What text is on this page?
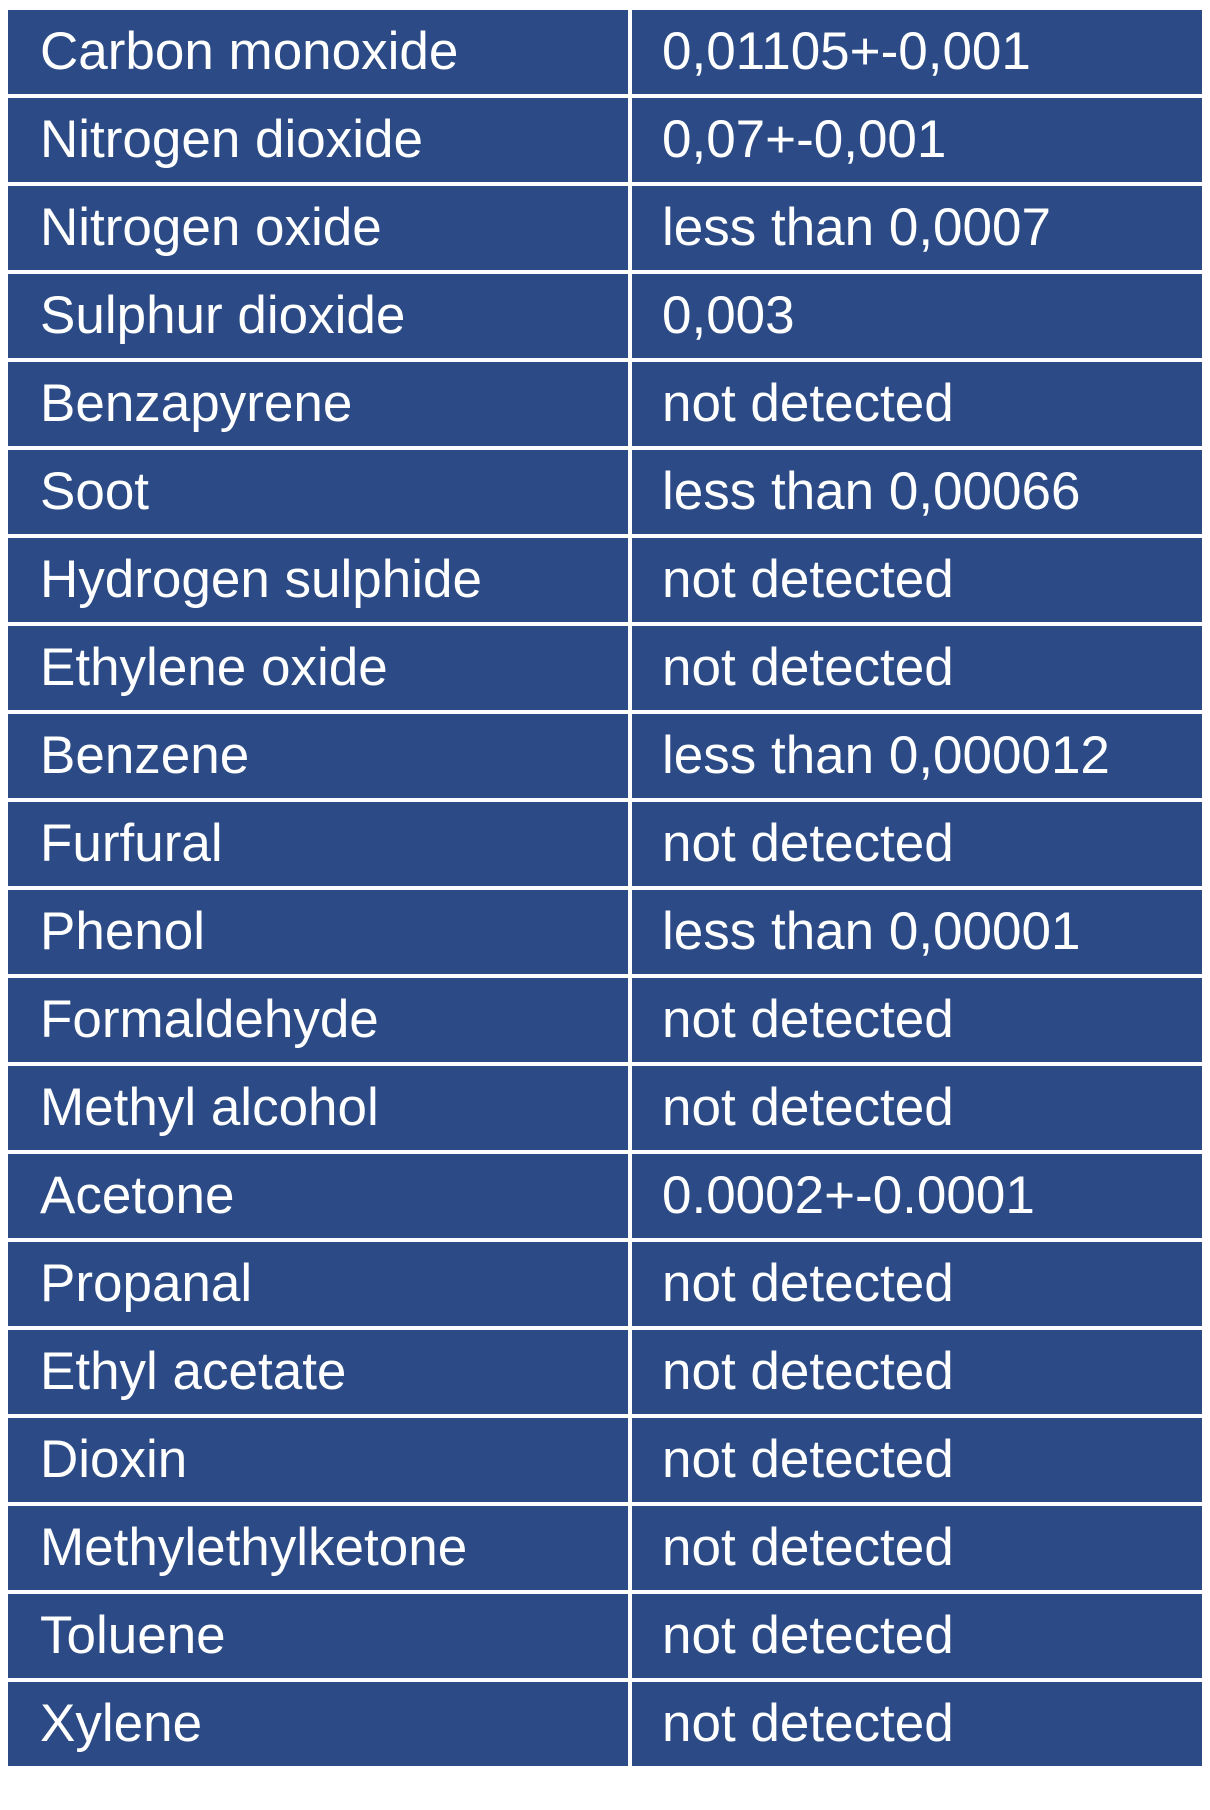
Carbon monoxide	0,01105+-0,001
Nitrogen dioxide	0,07+-0,001
Nitrogen oxide	less than 0,0007
Sulphur dioxide	0,003
Benzapyrene	not detected
Soot	less than 0,00066
Hydrogen sulphide	not detected
Ethylene oxide	not detected
Benzene	less than 0,000012
Furfural	not detected
Phenol	less than 0,00001
Formaldehyde	not detected
Methyl alcohol	not detected
Acetone	0.0002+-0.0001
Propanal	not detected
Ethyl acetate	not detected
Dioxin	not detected
Methylethylketone	not detected
Toluene	not detected
Xylene	not detected
